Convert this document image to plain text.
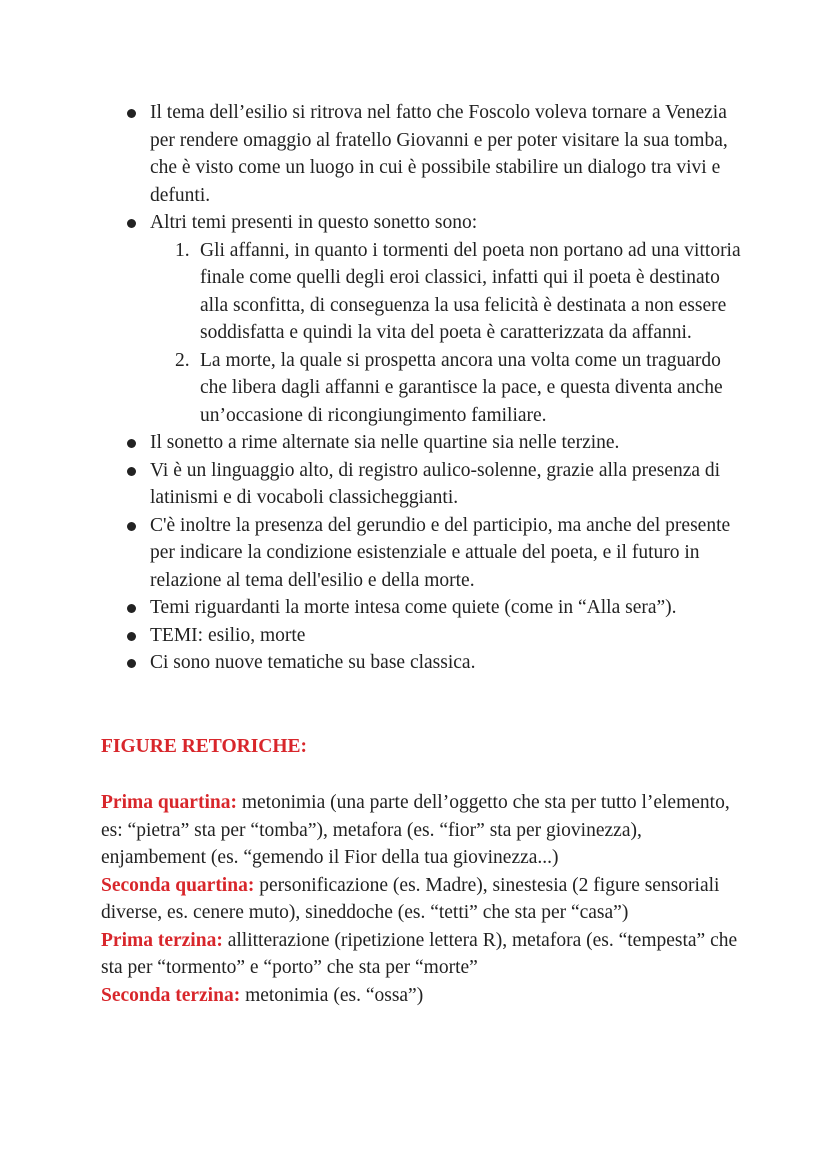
Il tema dell’esilio si ritrova nel fatto che Foscolo voleva tornare a Venezia per rendere omaggio al fratello Giovanni e per poter visitare la sua tomba, che è visto come un luogo in cui è possibile stabilire un dialogo tra vivi e defunti.
Altri temi presenti in questo sonetto sono:
1. Gli affanni, in quanto i tormenti del poeta non portano ad una vittoria finale come quelli degli eroi classici, infatti qui il poeta è destinato alla sconfitta, di conseguenza la usa felicità è destinata a non essere soddisfatta e quindi la vita del poeta è caratterizzata da affanni.
2. La morte, la quale si prospetta ancora una volta come un traguardo che libera dagli affanni e garantisce la pace, e questa diventa anche un’occasione di ricongiungimento familiare.
Il sonetto a rime alternate sia nelle quartine sia nelle terzine.
Vi è un linguaggio alto, di registro aulico-solenne, grazie alla presenza di latinismi e di vocaboli classicheggianti.
C'è inoltre la presenza del gerundio e del participio, ma anche del presente per indicare la condizione esistenziale e attuale del poeta, e il futuro in relazione al tema dell'esilio e della morte.
Temi riguardanti la morte intesa come quiete (come in “Alla sera”).
TEMI: esilio, morte
Ci sono nuove tematiche su base classica.
FIGURE RETORICHE:

Prima quartina: metonimia (una parte dell’oggetto che sta per tutto l’elemento, es: “pietra” sta per “tomba”), metafora (es. “fior” sta per giovinezza), enjambement (es. “gemendo il Fior della tua giovinezza...)

Seconda quartina: personificazione (es. Madre), sinestesia (2 figure sensoriali diverse, es. cenere muto), sineddoche (es. “tetti” che sta per “casa”)

Prima terzina: allitterazione (ripetizione lettera R), metafora (es. “tempesta” che sta per “tormento” e “porto” che sta per “morte”

Seconda terzina: metonimia (es. “ossa”)
